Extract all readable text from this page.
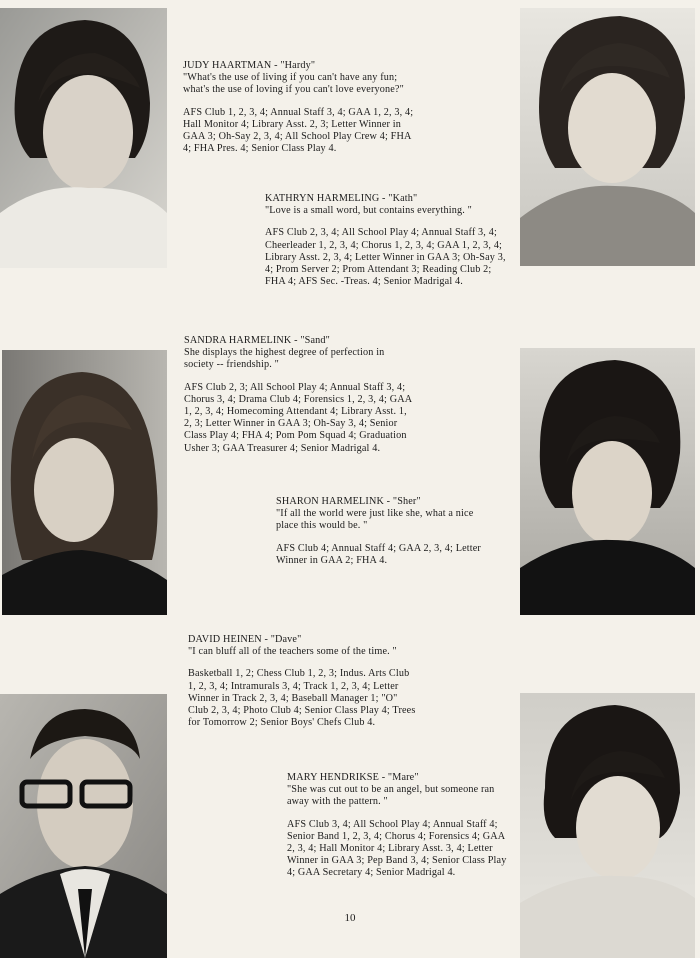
JUDY HAARTMAN - "Hardy"
"What's the use of living if you can't have any fun; what's the use of loving if you can't love everyone?"
AFS Club 1, 2, 3, 4; Annual Staff 3, 4; GAA 1, 2, 3, 4; Hall Monitor 4; Library Asst. 2, 3; Letter Winner in GAA 3; Oh-Say 2, 3, 4; All School Play Crew 4; FHA 4; FHA Pres. 4; Senior Class Play 4.
KATHRYN HARMELING - "Kath"
"Love is a small word, but contains everything. "
AFS Club 2, 3, 4; All School Play 4; Annual Staff 3, 4; Cheerleader 1, 2, 3, 4; Chorus 1, 2, 3, 4; GAA 1, 2, 3, 4; Library Asst. 2, 3, 4; Letter Winner in GAA 3; Oh-Say 3, 4; Prom Server 2; Prom Attendant 3; Reading Club 2; FHA 4; AFS Sec. -Treas. 4; Senior Madrigal 4.
SANDRA HARMELINK - "Sand"
She displays the highest degree of perfection in society -- friendship. "
AFS Club 2, 3; All School Play 4; Annual Staff 3, 4; Chorus 3, 4; Drama Club 4; Forensics 1, 2, 3, 4; GAA 1, 2, 3, 4; Homecoming Attendant 4; Library Asst. 1, 2, 3; Letter Winner in GAA 3; Oh-Say 3, 4; Senior Class Play 4; FHA 4; Pom Pom Squad 4; Graduation Usher 3; GAA Treasurer 4; Senior Madrigal 4.
SHARON HARMELINK - "Sher"
"If all the world were just like she, what a nice place this would be. "
AFS Club 4; Annual Staff 4; GAA 2, 3, 4; Letter Winner in GAA 2; FHA 4.
DAVID HEINEN - "Dave"
"I can bluff all of the teachers some of the time. "
Basketball 1, 2; Chess Club 1, 2, 3; Indus. Arts Club 1, 2, 3, 4; Intramurals 3, 4; Track 1, 2, 3, 4; Letter Winner in Track 2, 3, 4; Baseball Manager 1; "O" Club 2, 3, 4; Photo Club 4; Senior Class Play 4; Trees for Tomorrow 2; Senior Boys' Chefs Club 4.
MARY HENDRIKSE - "Mare"
"She was cut out to be an angel, but someone ran away with the pattern. "
AFS Club 3, 4; All School Play 4; Annual Staff 4; Senior Band 1, 2, 3, 4; Chorus 4; Forensics 4; GAA 2, 3, 4; Hall Monitor 4; Library Asst. 3, 4; Letter Winner in GAA 3; Pep Band 3, 4; Senior Class Play 4; GAA Secretary 4; Senior Madrigal 4.
10
